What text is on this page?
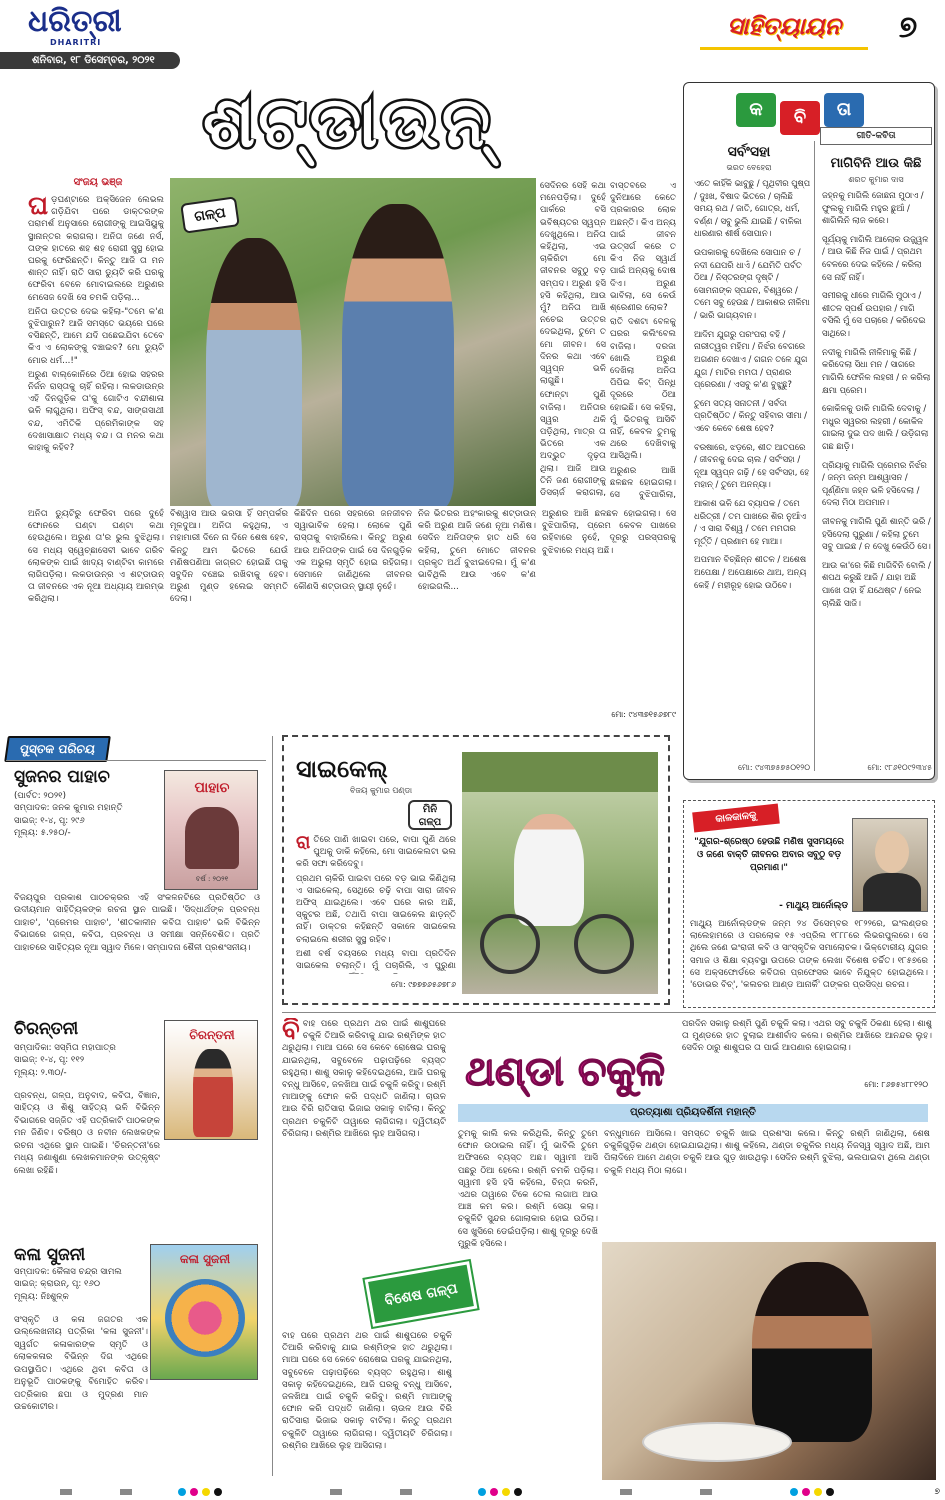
ଧରିତ୍ରୀ
DHARITRI
ଶନିବାର, ୧୮ ଡିସେମ୍ବର, ୨୦୨୧
ସାହିତ୍ୟାୟନ	୭
ଶଟ୍‌ଡାଉନ୍‌
ସଂଜୟ ଭଞ୍ଜ
ଘ ଡ଼ଘଣ୍ଟାରେ ଅକ୍ସିଜେନ ଲେଭଲ ଗଡ଼ିଯିବା ପରେ ଡାକ୍ତରଙ୍କ ପରାମର୍ଶ ଅନୁସାରେ ରୋଗୀଙ୍କୁ ଆଇସିୟୁକୁ ସ୍ଥାନାନ୍ତର କରାଗଲା। ଅନିତା ଜଣେ ନର୍ସ, ତାଙ୍କ ହାତରେ ଶହ ଶହ ରୋଗୀ ସୁସ୍ଥ ହୋଇ ଘରକୁ ଫେରିଛନ୍ତି। କିନ୍ତୁ ଆଜି ତା ମନ ଶାନ୍ତ ନାହିଁ। ରାତି ସାରା ଡ୍ୟୁଟି କରି ଘରକୁ ଫେରିବା ବେଳେ ମୋବାଇଲରେ ଅରୁଣର ମେସେଜ ଦେଖି ସେ ଚମକି ପଡ଼ିଲା...

ଅନିତା ଉତ୍ତର ଦେଇ କହିଲା-"ତମେ କ'ଣ ବୁଝିପାରୁନ? ଆଜି ସମସ୍ତେ ଭୟରେ ଘରେ ବସିଛନ୍ତି, ଆମେ ଯଦି ପଛେଇଯିବା ତେବେ କିଏ ଏ ଲୋକଙ୍କୁ ବଞ୍ଚାଇବ? ମୋ ଡ୍ୟୁଟି ମୋର ଧର୍ମ...!"

ଅରୁଣ ବାଲ୍‌କୋନିରେ ଠିଆ ହୋଇ ସହରର ନିର୍ଜନ ରାସ୍ତାକୁ ଚାହିଁ ରହିଲା। ଲକଡାଉନ୍‌ର ଏହି ଦିନଗୁଡ଼ିକ ତା'କୁ ଗୋଟିଏ ବନ୍ଦୀଶାଳା ଭଳି ଲାଗୁଥିଲା। ଅଫିସ୍‌ ବନ୍ଦ, ସାଙ୍ଗସାଥୀ ବନ୍ଦ, ଏମିତିକି ପ୍ରେମିକାଙ୍କ ସହ ଦେଖାସାକ୍ଷାତ ମଧ୍ୟ ବନ୍ଦ। ତା ମନର କଥା କାହାକୁ କହିବ?

ଗଳ୍ପ

ସେଦିନର ସେହି କଥା ମନେପଡ଼ିଲା। ଦୁହେଁ ପାର୍କରେ ବସି ଭବିଷ୍ୟତର ସ୍ୱପ୍ନ ଦେଖୁଥିଲେ। ଅନିତା କହିଥିଲା, ଏଇ ଚାକିରିଟା ମୋ ଜୀବନର ସବୁଠୁ ବଡ଼ ସମ୍ପଦ। ଅରୁଣ ହସି ହସି କହିଥିଲା, ଆଉ ମୁଁ? ଅନିତା ଆଖି ନଚେଇ ଉତ୍ତର ଦେଇଥିଲା, ତୁମେ ତ ମୋ ଜୀବନ। ସେ ଦିନର କଥା ଏବେ ସ୍ୱପ୍ନ ଭଳି ଲାଗୁଛି।

ଫୋନ୍‌ଟା ପୁଣି ବାଜିଲା। ଅନିତାର ସ୍ୱର ଥକି ପଡ଼ିଥିଲା, ମାତ୍ର ତା ଭିତରେ ଏକ ଅଦ୍ଭୁତ ଦୃଢ଼ତା ଥିଲା। ଆଜି ଆଉ ତିନି ଜଣ ରୋଗୀଙ୍କୁ ଡିସଚାର୍ଜ କରାଗଲା,

ବାସ୍ତବରେ ଏ ଦୁନିଆରେ କେତେ ପ୍ରକାରର ଲୋକ ଅଛନ୍ତି। କିଏ ଅନ୍ୟ ପାଇଁ ଜୀବନ ଉତ୍ସର୍ଗ କରେ ତ କିଏ ନିଜ ସ୍ୱାର୍ଥ ପାଇଁ ଅନ୍ୟକୁ ଦୋଷ ଦିଏ। ଅରୁଣ ଭାବିଲା, ସେ କେଉଁ ଶ୍ରେଣୀର ଲୋକ?

ରାତି ଦଶଟା ବେଳକୁ ଘରର କଲିଂବେଲ ବାଜିଲା। ଦରଜା ଖୋଲି ଅରୁଣ ଦେଖିଲା ଅନିତା ପିପିଇ କିଟ୍‌ ପିନ୍ଧି ଦୂରରେ ଠିଆ ହୋଇଛି। ସେ କହିଲା, ମୁଁ ଭିତରକୁ ଆସିବି ନାହିଁ, କେବଳ ତୁମକୁ ଥରେ ଦେଖିବାକୁ ଆସିଥିଲି।

ଅରୁଣର ଆଖି ଛଳଛଳ ହୋଇଗଲା। ସେ ବୁଝିପାରିଲା,

ଅନିତା ଡ୍ୟୁଟିରୁ ଫେରିବା ପରେ ଦୁହେଁ ଫୋନରେ ଘଣ୍ଟା ଘଣ୍ଟା କଥା ହେଉଥିଲେ। ଅରୁଣ ତା'ର ଭୁଲ ବୁଝିଥିଲା। ସେ ମଧ୍ୟ ସ୍ୱେଚ୍ଛାସେବୀ ଭାବେ ଗରିବ ଲୋକଙ୍କ ପାଇଁ ଖାଦ୍ୟ ବାଣ୍ଟିବା କାମରେ ଲାଗିପଡ଼ିଲା। ଲକଡାଉନ୍‌ର ଏ ଶଟ୍‌ଡାଉନ୍‌ ତା ଜୀବନରେ ଏକ ନୂଆ ଅଧ୍ୟାୟ ଆରମ୍ଭ କରିଥିଲା।
ବିଶ୍ୱାସ ଆଉ ଭରସା ହିଁ ସମ୍ପର୍କର ମୂଳଦୁଆ। ଅନିତା କହୁଥିଲା, ଏ ମହାମାରୀ ଦିନେ ନା ଦିନେ ଶେଷ ହେବ, କିନ୍ତୁ ଆମ ଭିତରେ ଯେଉଁ ମଣିଷପଣିଆ ଜାଗ୍ରତ ହୋଇଛି ତାକୁ ସବୁଦିନ ବଞ୍ଚେଇ ରଖିବାକୁ ହେବ। ଅରୁଣ ମୁଣ୍ଡ ହଲେଇ ସମ୍ମତି ଦେଲା।
କିଛିଦିନ ପରେ ସହରରେ ଜନଜୀବନ ସ୍ୱାଭାବିକ ହେଲା। ଲୋକେ ପୁଣି ରାସ୍ତାକୁ ବାହାରିଲେ। କିନ୍ତୁ ଅରୁଣ ଆଉ ଅନିତାଙ୍କ ପାଇଁ ସେ ଦିନଗୁଡ଼ିକ ଏକ ଅଭୁଲା ସ୍ମୃତି ହୋଇ ରହିଗଲା। ସେମାନେ ଜାଣିଥିଲେ ଜୀବନର କୌଣସି ଶଟ୍‌ଡାଉନ୍‌ ସ୍ଥାୟୀ ନୁହେଁ।
ନିଜ ଭିତରର ଅହଂକାରକୁ ଶଟ୍‌ଡାଉନ୍‌ କରି ଅରୁଣ ଆଜି ଜଣେ ନୂଆ ମଣିଷ। ସେଦିନ ଅନିତାଙ୍କ ହାତ ଧରି ସେ କହିଲା, ତୁମେ ମୋତେ ଜୀବନର ପ୍ରକୃତ ଅର୍ଥ ବୁଝାଇଦେଲ। ମୁଁ କ'ଣ ଭାବିଥିଲି ଆଉ ଏବେ କ'ଣ ହୋଇଗଲି...
ଅରୁଣର ଆଖି ଛଳଛଳ ହୋଇଗଲା। ସେ ବୁଝିପାରିଲା, ପ୍ରେମ କେବଳ ପାଖରେ ରହିବାରେ ନୁହେଁ, ଦୂରରୁ ପରସ୍ପରକୁ ବୁଝିବାରେ ମଧ୍ୟ ଅଛି।
ମୋ: ୯୪୩୭୧୫୬୭୮୯
କ	ବି	ତା
ସର୍ବଂସହା
ଭରତ ବେହେରା

ଏତେ କାହିଁକି ଭାବୁଛୁ / ପୃଥିବୀର ପୁଷ୍ପ / ଦୁଃଖ, ବିଷାଦ ଭିତରେ / ଚାଲିଛି ସମୟ ରଥ / ଜାତି, ଗୋତ୍ର, ଧର୍ମ, ବର୍ଣ୍ଣ / ସବୁ ଭୁଲି ଯାଇଛି / ବାଳିକା ଧାରଣାର ଶୀର୍ଷ ସୋପାନ।

ଉପକାରକୁ ଦେଖିଲେ ସୋପାନ ଚ / ନଦୀ ଯେପରି ଧାଏଁ / ଯେମିତି ପର୍ବତ ଠିଆ / ନିସ୍ତରଙ୍ଗ ଦୃଷ୍ଟି / ସୋମନାଙ୍କ ସ୍ପନ୍ଦନ, ବିଶ୍ୱରେ / ତମେ ସବୁ ହେଉଛ / ଆକାଶର ନୀଳିମା / ଭାରି ଭାଗ୍ୟବାନ।

ଆଦିମ ଯୁଗରୁ ପରଂପରା ବହି / ନାରୀତ୍ୱର ମହିମା / ନିର୍ଝର ବେଗରେ ଅଗଣନ ଦେଖାଏ / ଗଗନ ତଳେ ଯୁଗ ଯୁଗ / ମାଟିର ମମତା / ପ୍ରାଣର ପ୍ରେରଣା / ଏସବୁ କ'ଣ ବୁଝୁଛୁ?

ତୁମେ ସତ୍ୟ ସନାତନୀ / ସର୍ବଦା ପ୍ରତିଷ୍ଠିତ / କିନ୍ତୁ ସହିବାର ସୀମା / ଏବେ କେବେ ଶେଷ ହେବ?

ବରଷାରେ, ଝଡ଼ରେ, ଶୀତ ଆତପରେ / ଜୀବନକୁ ଦେଇ ଚାଲ / ସର୍ବଂସହା / ନୂଆ ସ୍ୱପ୍ନ ଗଢ଼ି / ହେ ସର୍ବଂସହା, ହେ ମହାନ୍‌ / ତୁମେ ଅନନ୍ୟା।

ଆକାଶ ଭଳି ଯେ ବ୍ୟାପକ / ତମେ ଧରିତ୍ରୀ / ତମ ପାଖରେ ଶିର ନୁଆଁଏ / ଏ ସାରା ବିଶ୍ୱ / ତମେ ମମତାର ମୂର୍ତ୍ତି / ପ୍ରଣାମ ହେ ମାଆ।

ଅପମାନ ବିଚ୍ଛିନ୍ନ ଶୀତଳ / ଅଶେଷ ଅପେକ୍ଷା / ଅପେକ୍ଷାରେ ଥାଅ, ଅନ୍ୟ କେହି / ମହୀରୂହ ହୋଇ ଉଠିବେ।

ମୋ: ୯୪୩୭୫୭୫୦୧୨୦
ଗୀତି-କବିତା
ମାଗିବିନି ଆଉ କିଛି
ଶରତ କୁମାର ଦାସ

ଜହ୍ନକୁ ମାଗିଲି ଜୋଛନା ମୁଠାଏ / ଫୁଲକୁ ମାଗିଲି ମହୁର ଛୁଆଁ / ଶାଗିଲିନି ଲାଜ କରେ।

ସୂର୍ଯ୍ୟକୁ ମାଗିଲି ଆଲୋକ ଉଜ୍ଜ୍ୱଳ / ଆଉ କିଛି ନିଜ ପାଇଁ / ପ୍ରଥମ ବେଳରେ ଦେଇ କହିଲେ / କରିଲା ସେ ନାହିଁ ନାହିଁ।

ସମୀରକୁ ଧୀରେ ମାଗିଲି ମୁଠାଏ / ଶୀତଳ ସ୍ପର୍ଶ ଉପହାର / ମାଗି ବସିଲି ମୁଁ ସେ ପଚାରେ / କରିଦେଇ ସାଥିରେ।

ନଦୀକୁ ମାଗିଲି ନୀଳିମାକୁ କିଛି / କରିଦେଲା ସିଧା ମନ / ସାଗରେ ମାଗିଲି ଫେନିଳ ଲହରୀ / ନ କରିଲା କ୍ଷମା ପ୍ରେମ।

କୋକିଳକୁ ଡାକି ମାଗିଲି ଦେବାକୁ / ମଧୁର ସ୍ୱରର ଲହରୀ / କୋକିଳ ଗାଇଲା ଦୁଇ ପଦ ଖାଲି / ଉଡ଼ିଗଲା ଗଛ ଛାଡ଼ି।

ପ୍ରିୟାକୁ ମାଗିଲି ପ୍ରେମର ନିର୍ଝର / ଜନ୍ମ ଜନ୍ମ ଆଶ୍ୱାସନ / ପୂର୍ଣ୍ଣିମା ଜହ୍ନ ଭଳି ହସିଦେଲା / ଦେଲା ମିଠା ଅପମାନ।

ଜୀବନକୁ ମାଗିଲି ପୁଣି ଶାନ୍ତି ଭରି / ହସିଦେଲା ପୁରୁଣା / କହିଲା ତୁମେ ସବୁ ପାଇଛ / ନ ଦେଖୁ କେଉଁଠି ସେ।

ଆଉ କା'ରେ କିଛି ମାଗିବିନି ବୋଲି / ଶପଥ କରୁଛି ଆଜି / ଯାହା ଅଛି ପାଖେ ତାହା ହିଁ ଯଥେଷ୍ଟ / ନେଇ ଚାଲିଛି ସାଜି।

ମୋ: ୯୮୬୧୦୯୨୩୪୫
ପୁସ୍ତକ ପରିଚୟ
ସୁଜନର ପାହାଚ
(ପାର୍ବତ: ୨୦୨୧)
ସମ୍ପାଦକ: ଜନକ କୁମାର ମହାନ୍ତି
ସାଇଜ୍‌: ୧-୪, ପୃ: ୨୯୬
ମୂଲ୍ୟ: ୫.୨୫୦/-
ପାହାଚ
ବର୍ଷ : ୨୦୨୧
ବିଜୟପୁର ପ୍ରକାଶ ପାଠଚକ୍ରର ଏହି ସଂକଳନଟିରେ ପ୍ରତିଷ୍ଠିତ ଓ ଉଦୀୟମାନ ସାହିତ୍ୟିକଙ୍କ ରଚନା ସ୍ଥାନ ପାଇଛି। 'ସିଦ୍ଧାର୍ଥଙ୍କ ପ୍ରବନ୍ଧ ପାହାଚ', 'ପ୍ରେମର ପାହାଚ', 'ଶୀତକାଳୀନ କବିତା ପାହାଚ' ଭଳି ବିଭିନ୍ନ ବିଭାଗରେ ଗଳ୍ପ, କବିତା, ପ୍ରବନ୍ଧ ଓ ସମୀକ୍ଷା ସନ୍ନିବେଶିତ। ପ୍ରତି ପାହାଚରେ ସାହିତ୍ୟର ନୂଆ ସ୍ୱାଦ ମିଳେ। ସମ୍ପାଦନା ଶୈଳୀ ପ୍ରଶଂସନୀୟ।
ଚିରନ୍ତନୀ
ସମ୍ପାଦିକା: ସସ୍ମିତା ମହାପାତ୍ର
ସାଇଜ୍‌: ୧-୪, ପୃ: ୧୧୨
ମୂଲ୍ୟ: ୨.୩୦/-
ଚିରନ୍ତନୀ
ପ୍ରବନ୍ଧ, ଗଳ୍ପ, ଅନୁବାଦ, କବିତା, ବିଜ୍ଞାନ, ସାହିତ୍ୟ ଓ ଶିଶୁ ସାହିତ୍ୟ ଭଳି ବିଭିନ୍ନ ବିଭାଗରେ ସଜ୍ଜିତ ଏହି ପତ୍ରିକାଟି ପାଠକଙ୍କ ମନ ଜିଣିବ। ବରିଷ୍ଠ ଓ ନବୀନ ଲେଖକଙ୍କ ରଚନା ଏଥିରେ ସ୍ଥାନ ପାଇଛି। 'ଚିରନ୍ତନୀ'ରେ ମଧ୍ୟ ଜଣାଶୁଣା ଲେଖକମାନଙ୍କ ଉତ୍କୃଷ୍ଟ ଲେଖା ରହିଛି।
କଳା ସୁଜନୀ
ସମ୍ପାଦକ: କୈଳାସ ଚନ୍ଦ୍ର ସାମଲ
ସାଇଜ୍‌: କ୍ରାଉନ୍‌, ପୃ: ୧୬୦
ମୂଲ୍ୟ: ନିଃଶୁଳ୍କ
କଳା ସୁଜନୀ
ସଂସ୍କୃତି ଓ କଳା ଜଗତର ଏକ ଉଲ୍ଲେଖନୀୟ ପତ୍ରିକା 'କଳା ସୁଜନୀ'। ସ୍ୱର୍ଗତ କଳାକାରଙ୍କ ସ୍ମୃତି ଓ ଲୋକକଳାର ବିଭିନ୍ନ ଦିଗ ଏଥିରେ ଉପସ୍ଥାପିତ। ଏଥିରେ ଥିବା କବିତା ଓ ଅନୁଭୂତି ପାଠକଙ୍କୁ ବିମୋହିତ କରିବ। ପତ୍ରିକାର ଛପା ଓ ମୁଦ୍ରଣ ମାନ ଉଚ୍ଚକୋଟୀର।
ସାଇକେଲ୍‌
ବିଜୟ କୁମାର ପଣ୍ଡା
ମିନି ଗଳ୍ପ
ରା ତିରେ ପାଣି ଖାଇବା ପରେ, ବାପା ପୁଣି ଥରେ ପୁଅକୁ ଡାକି କହିଲେ, ମୋ ସାଇକେଲଟା ଭଲ କରି ସଫା କରିଦେବୁ।

ପ୍ରଥମ ଚାକିରି ପାଇବା ପରେ ବଡ଼ ଭାଇ କିଣିଥିଲା ଏ ସାଇକେଲ୍‌, ସେଥିରେ ଚଢ଼ି ବାପା ସାରା ଜୀବନ ଅଫିସ୍‌ ଯାଇଥିଲେ। ଏବେ ଘରେ କାର ଅଛି, ସ୍କୁଟର ଅଛି, ତଥାପି ବାପା ସାଇକେଲ ଛାଡ଼ନ୍ତି ନାହିଁ। ଡାକ୍ତର କହିଛନ୍ତି ସକାଳେ ସାଇକେଲ ଚଲାଇଲେ ଶରୀର ସୁସ୍ଥ ରହିବ।

ଅଶୀ ବର୍ଷ ବୟସରେ ମଧ୍ୟ ବାପା ପ୍ରତିଦିନ ସାଇକେଲ ଚଲାନ୍ତି। ମୁଁ ପଚାରିଲି, ଏ ପୁରୁଣା

ମୋ: ୯୭୭୭୬୫୬୭୮୬
କାଳକାଳକୁ
"ଯୁଗର-ଶ୍ରେଷ୍ଠ ହେଉଛି ମଣିଷ ସୁସମୟରେ ଓ ଜଣେ ବାକ୍ତି ଜୀବନର ଅବାର ସବୁଠୁ ବଡ଼ ପ୍ରମାଣ।"
- ମାଥ୍ୟୁ ଆର୍ନୋଲ୍ଡ
ମାଥ୍ୟୁ ଆର୍ନୋଲ୍ଡଙ୍କ ଜନ୍ମ ୨୪ ଡିସେମ୍ବର ୧୮୨୨ରେ, ଇଂଲଣ୍ଡର ଲାଲେହାମରେ ଓ ପରଲୋକ ୧୫ ଏପ୍ରିଲ ୧୮୮୮ରେ ଲିଭରପୁଲରେ। ସେ ଥିଲେ ଜଣେ ଇଂରାଜୀ କବି ଓ ସାଂସ୍କୃତିକ ସମାଲୋଚକ। ଭିକ୍ଟୋରୀୟ ଯୁଗର ସମାଜ ଓ ଶିକ୍ଷା ବ୍ୟବସ୍ଥା ଉପରେ ତାଙ୍କ ଲେଖା ବିଶେଷ ଚର୍ଚ୍ଚିତ। ୧୮୫୭ରେ ସେ ଅକ୍ସଫୋର୍ଡରେ କବିତାର ପ୍ରଫେସର ଭାବେ ନିଯୁକ୍ତ ହୋଇଥିଲେ। 'ଡୋଭର ବିଚ୍‌', 'କଲଚର ଆଣ୍ଡ ଆନାର୍କି' ତାଙ୍କର ପ୍ରସିଦ୍ଧ ରଚନା।
ବି ବାହ ପରେ ପ୍ରଥମ ଥର ପାଇଁ ଶାଶୁଘରେ ଚକୁଳି ତିଆରି କରିବାକୁ ଯାଇ ରଶ୍ମିଙ୍କ ହାତ ଥରୁଥିଲା। ମାଆ ଘରେ ସେ କେବେ ରୋଷେଇ ଘରକୁ ଯାଇନଥିଲା, ସବୁବେଳେ ପଢ଼ାପଢ଼ିରେ ବ୍ୟସ୍ତ ରହୁଥିଲା। ଶାଶୁ ସକାଳୁ କହିଦେଇଥିଲେ, ଆଜି ଘରକୁ ବନ୍ଧୁ ଆସିବେ, ଜଳଖିଆ ପାଇଁ ଚକୁଳି କରିବୁ। ରଶ୍ମି ମାଆଙ୍କୁ ଫୋନ କରି ପଦ୍ଧତି ଜାଣିଲା। ଚାଉଳ ଆଉ ବିରି ରାତିସାରା ଭିଜାଇ ସକାଳୁ ବାଟିଲା। କିନ୍ତୁ ପ୍ରଥମ ଚକୁଳିଟି ତାୱାରେ ଲାଗିଗଲା। ଦ୍ୱିତୀୟଟି ଚିରିଗଲା। ରଶ୍ମିର ଆଖିରେ ଲୁହ ଆସିଗଲା।
ଥଣ୍ଡା ଚକୁଳି
ପରଦିନ ସକାଳୁ ରଶ୍ମି ପୁଣି ଚକୁଳି କଲା। ଏଥର ସବୁ ଚକୁଳି ଠିକଣା ହେଲା। ଶାଶୁ ତା ମୁଣ୍ଡରେ ହାତ ବୁଲାଇ ଆଶୀର୍ବାଦ କଲେ। ରଶ୍ମିର ଆଖିରେ ଆନନ୍ଦର ଲୁହ। ସେଦିନ ଠାରୁ ଶାଶୁଘର ତା ପାଇଁ ଆପଣାର ହୋଇଗଲା।
ମୋ: ୮୬୭୫୪୮୮୧୨୦
ପ୍ରତ୍ୟାଶା ପ୍ରିୟଦର୍ଶିନୀ ମହାନ୍ତି
ତୁମକୁ କାଲି କଲ କରିଥିଲି, କିନ୍ତୁ ତୁମେ ଫୋନ ଉଠାଇଲ ନାହିଁ। ମୁଁ ଭାବିଲି ତୁମେ ଅଫିସରେ ବ୍ୟସ୍ତ ଅଛ। ସ୍ୱାମୀ ଆସି ପଛରୁ ଠିଆ ହେଲେ। ରଶ୍ମି ଚମକି ପଡ଼ିଲା। ସ୍ୱାମୀ ହସି ହସି କହିଲେ, ଚିନ୍ତା କରନି, ଏଥର ତାୱାରେ ଟିକେ ତେଲ ଲଗାଅ ଆଉ ଆଞ୍ଚ କମ କର। ରଶ୍ମି ସେୟା କଲା। ଚକୁଳିଟି ସୁନ୍ଦର ଗୋଲାକାର ହୋଇ ଉଠିଲା। ସେ ଖୁସିରେ ଡେଇଁପଡ଼ିଲା। ଶାଶୁ ଦୂରରୁ ଦେଖି ମୁରୁକି ହସିଲେ।
ବନ୍ଧୁମାନେ ଆସିଲେ। ସମସ୍ତେ ଚକୁଳି ଖାଇ ପ୍ରଶଂସା କଲେ। କିନ୍ତୁ ରଶ୍ମି ଜାଣିଥିଲା, ଶେଷ ଚକୁଳିଗୁଡ଼ିକ ଥଣ୍ଡା ହୋଇଯାଇଥିଲା। ଶାଶୁ କହିଲେ, ଥଣ୍ଡା ଚକୁଳିର ମଧ୍ୟ ନିଜସ୍ୱ ସ୍ୱାଦ ଅଛି, ଆମ ପିଲାଦିନେ ଆମେ ଥଣ୍ଡା ଚକୁଳି ଆଉ ଗୁଡ଼ ଖାଉଥିଲୁ। ସେଦିନ ରଶ୍ମି ବୁଝିଲା, ଭଲପାଇବା ଥିଲେ ଥଣ୍ଡା ଚକୁଳି ମଧ୍ୟ ମିଠା ଲାଗେ।
ବାହ ପରେ ପ୍ରଥମ ଥର ପାଇଁ ଶାଶୁଘରେ ଚକୁଳି ତିଆରି କରିବାକୁ ଯାଇ ରଶ୍ମିଙ୍କ ହାତ ଥରୁଥିଲା। ମାଆ ଘରେ ସେ କେବେ ରୋଷେଇ ଘରକୁ ଯାଇନଥିଲା, ସବୁବେଳେ ପଢ଼ାପଢ଼ିରେ ବ୍ୟସ୍ତ ରହୁଥିଲା। ଶାଶୁ ସକାଳୁ କହିଦେଇଥିଲେ, ଆଜି ଘରକୁ ବନ୍ଧୁ ଆସିବେ, ଜଳଖିଆ ପାଇଁ ଚକୁଳି କରିବୁ। ରଶ୍ମି ମାଆଙ୍କୁ ଫୋନ କରି ପଦ୍ଧତି ଜାଣିଲା। ଚାଉଳ ଆଉ ବିରି ରାତିସାରା ଭିଜାଇ ସକାଳୁ ବାଟିଲା। କିନ୍ତୁ ପ୍ରଥମ ଚକୁଳିଟି ତାୱାରେ ଲାଗିଗଲା। ଦ୍ୱିତୀୟଟି ଚିରିଗଲା। ରଶ୍ମିର ଆଖିରେ ଲୁହ ଆସିଗଲା।
ବିଶେଷ ଗଳ୍ପ
୭
